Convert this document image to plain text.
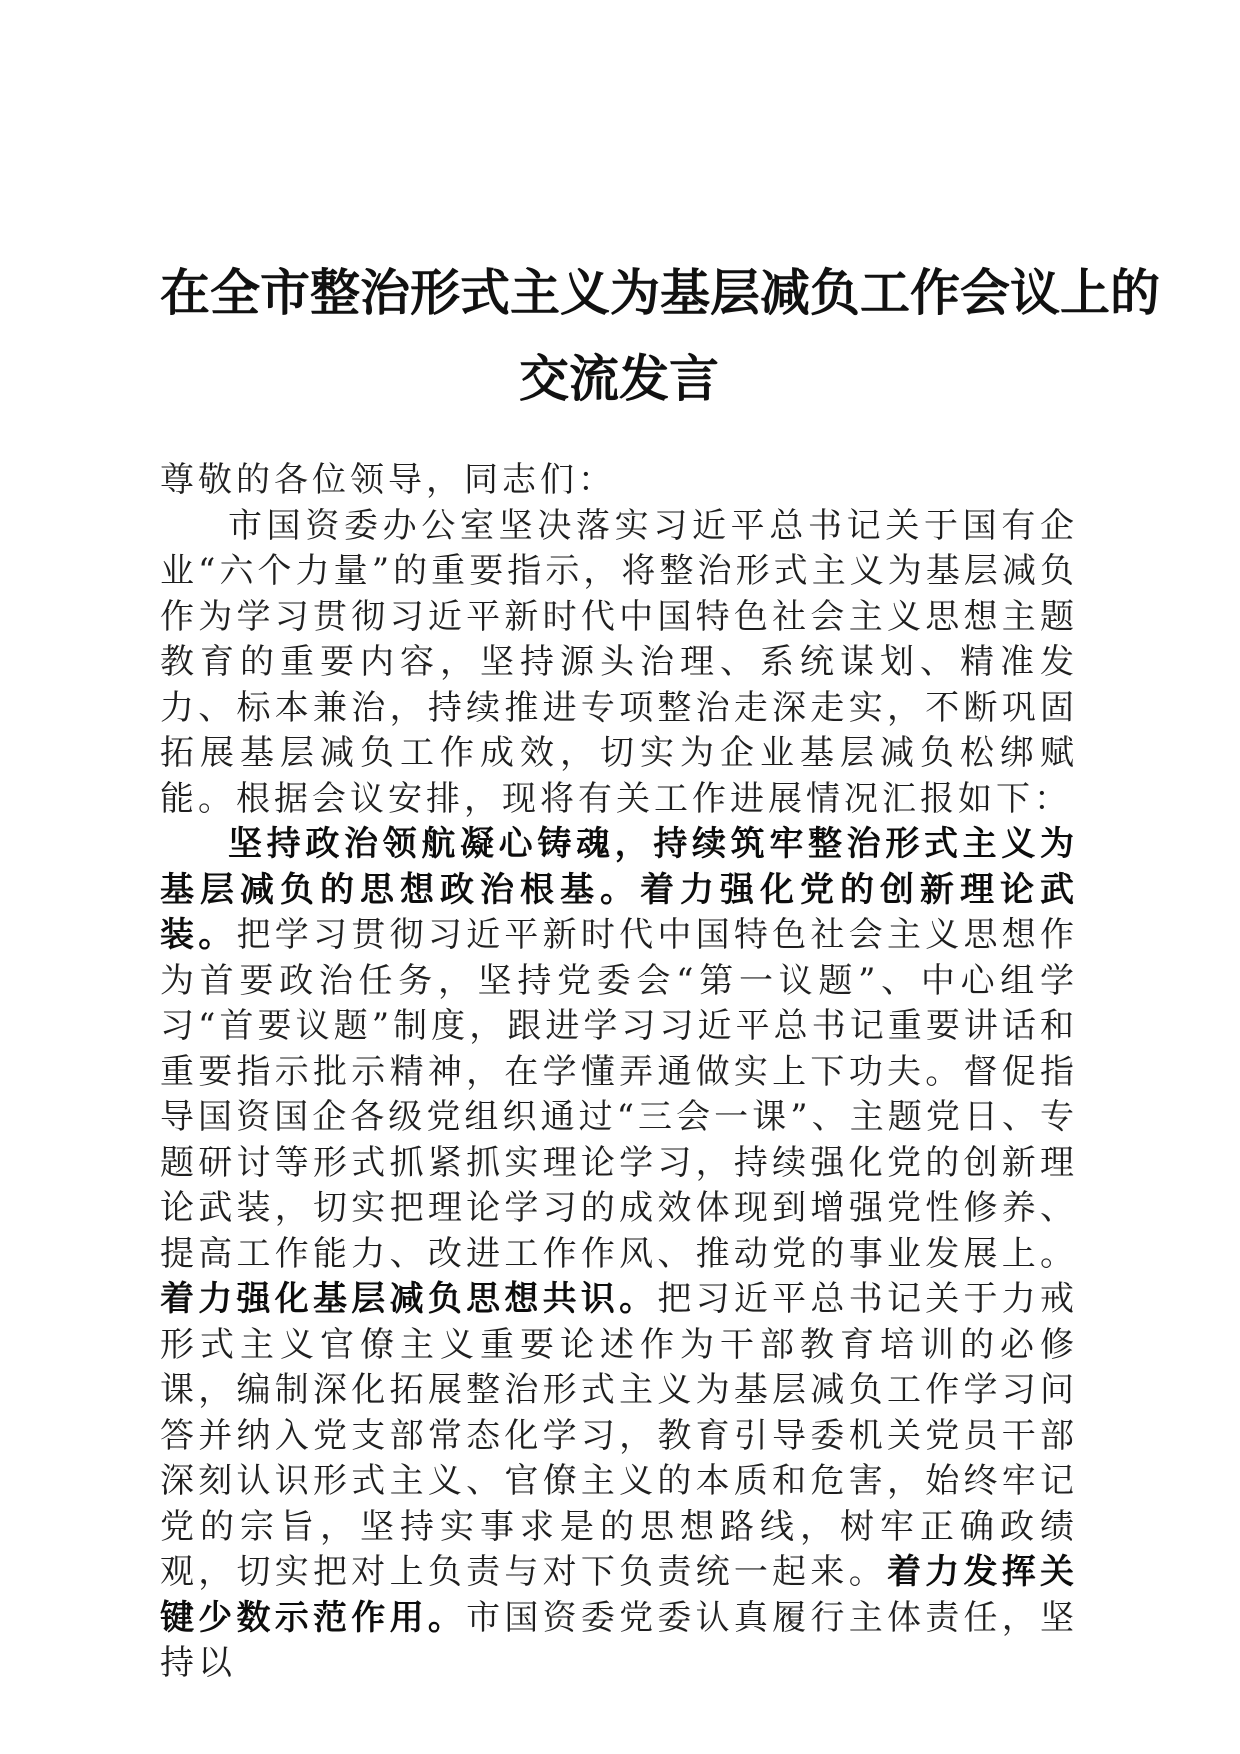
在全市整治形式主义为基层减负工作会议上的
交流发言

尊敬的各位领导，同志们：

市国资委办公室坚决落实习近平总书记关于国有企业“六个力量”的重要指示，将整治形式主义为基层减负作为学习贯彻习近平新时代中国特色社会主义思想主题教育的重要内容，坚持源头治理、系统谋划、精准发力、标本兼治，持续推进专项整治走深走实，不断巩固拓展基层减负工作成效，切实为企业基层减负松绑赋能。根据会议安排，现将有关工作进展情况汇报如下：

坚持政治领航凝心铸魂，持续筑牢整治形式主义为基层减负的思想政治根基。着力强化党的创新理论武装。把学习贯彻习近平新时代中国特色社会主义思想作为首要政治任务，坚持党委会“第一议题”、中心组学习“首要议题”制度，跟进学习习近平总书记重要讲话和重要指示批示精神，在学懂弄通做实上下功夫。督促指导国资国企各级党组织通过“三会一课”、主题党日、专题研讨等形式抓紧抓实理论学习，持续强化党的创新理论武装，切实把理论学习的成效体现到增强党性修养、提高工作能力、改进工作作风、推动党的事业发展上。着力强化基层减负思想共识。把习近平总书记关于力戒形式主义官僚主义重要论述作为干部教育培训的必修课，编制深化拓展整治形式主义为基层减负工作学习问答并纳入党支部常态化学习，教育引导委机关党员干部深刻认识形式主义、官僚主义的本质和危害，始终牢记党的宗旨，坚持实事求是的思想路线，树牢正确政绩观，切实把对上负责与对下负责统一起来。着力发挥关键少数示范作用。市国资委党委认真履行主体责任，坚持以
